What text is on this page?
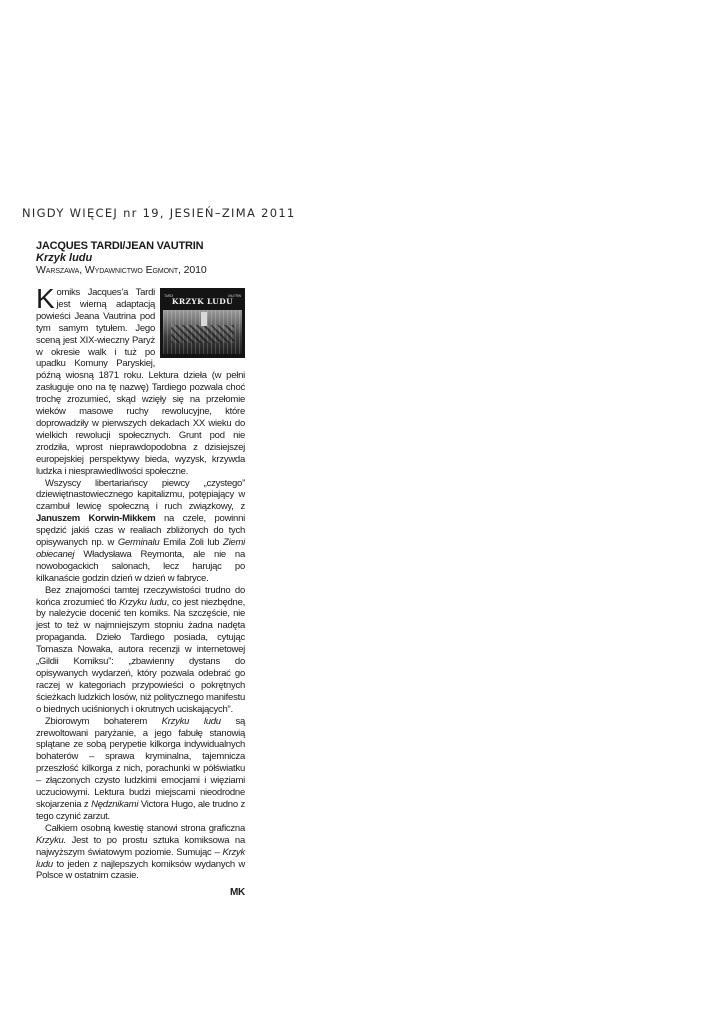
NIGDY WIĘCEJ nr 19, JESIEŃ–ZIMA 2011
JACQUES TARDI/JEAN VAUTRIN
Krzyk ludu
Warszawa, Wydawnictwo Egmont, 2010

TARDI	VAUTRIN
KRZYK LUDU
K omiks Jacques’a Tardi jest wierną adaptacją powieści Jeana Vautrina pod tym samym tytułem. Jego sceną jest XIX-wieczny Paryż w okresie walk i tuż po upadku Komuny Paryskiej, późną wiosną 1871 roku. Lektura dzieła (w pełni zasługuje ono na tę nazwę) Tardiego pozwala choć trochę zrozumieć, skąd wzięły się na przełomie wieków masowe ruchy rewolucyjne, które doprowadziły w pierwszych dekadach XX wieku do wielkich rewolucji społecznych. Grunt pod nie zrodziła, wprost nieprawdopodobna z dzisiejszej europejskiej perspektywy bieda, wyzysk, krzywda ludzka i niesprawiedliwości społeczne.

Wszyscy libertariańscy piewcy „czystego” dziewiętnastowiecznego kapitalizmu, potępiający w czambuł lewicę społeczną i ruch związkowy, z Januszem Korwin-Mikkem na czele, powinni spędzić jakiś czas w realiach zbliżonych do tych opisywanych np. w Germinalu Emila Zoli lub Ziemi obiecanej Władysława Reymonta, ale nie na nowobogackich salonach, lecz harując po kilkanaście godzin dzień w dzień w fabryce.

Bez znajomości tamtej rzeczywistości trudno do końca zrozumieć tło Krzyku ludu, co jest niezbędne, by należycie docenić ten komiks. Na szczęście, nie jest to też w najmniejszym stopniu żadna nadęta propaganda. Dzieło Tardiego posiada, cytując Tomasza Nowaka, autora recenzji w internetowej „Gildii Komiksu”: „zbawienny dystans do opisywanych wydarzeń, który pozwala odebrać go raczej w kategoriach przypowieści o pokrętnych ścieżkach ludzkich losów, niż politycznego manifestu o biednych uciśnionych i okrutnych uciskających”.

Zbiorowym bohaterem Krzyku ludu są zrewoltowani paryżanie, a jego fabułę stanowią splątane ze sobą perypetie kilkorga indywidualnych bohaterów – sprawa kryminalna, tajemnicza przeszłość kilkorga z nich, porachunki w półświatku – złączonych czysto ludzkimi emocjami i więziami uczuciowymi. Lektura budzi miejscami nieodrodne skojarzenia z Nędznikami Victora Hugo, ale trudno z tego czynić zarzut.

Całkiem osobną kwestię stanowi strona graficzna Krzyku. Jest to po prostu sztuka komiksowa na najwyższym światowym poziomie. Sumując – Krzyk ludu to jeden z najlepszych komiksów wydanych w Polsce w ostatnim czasie.

MK
